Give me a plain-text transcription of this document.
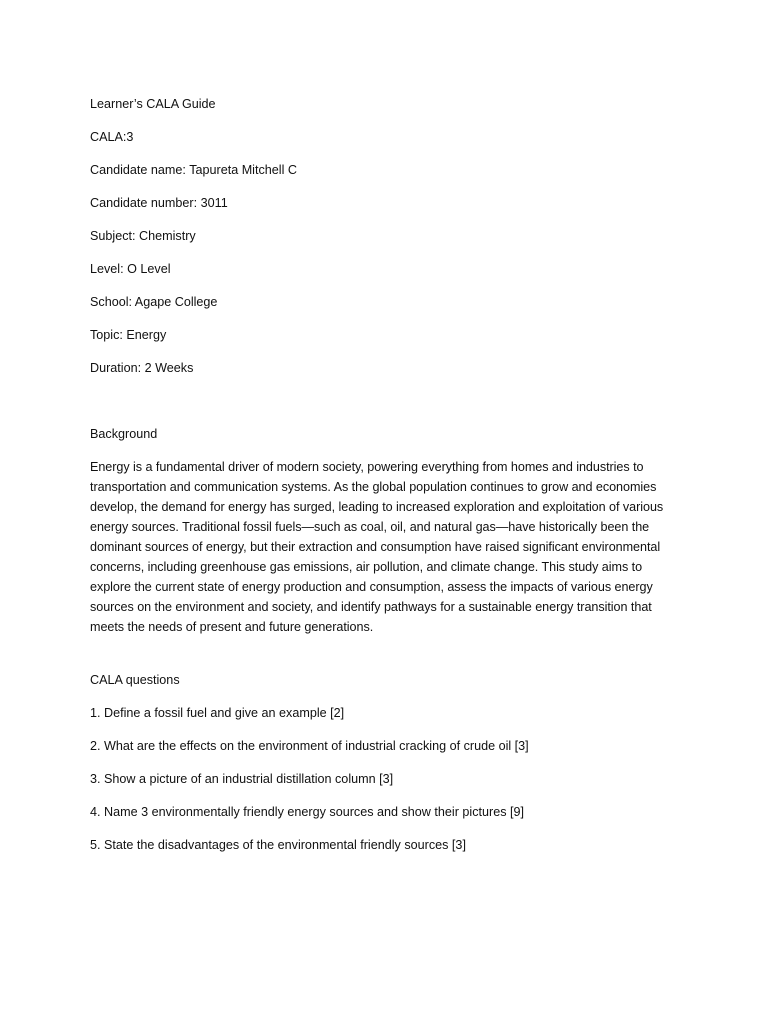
Learner’s CALA Guide
CALA:3
Candidate name: Tapureta Mitchell C
Candidate number: 3011
Subject: Chemistry
Level: O Level
School: Agape College
Topic: Energy
Duration: 2 Weeks
Background
Energy is a fundamental driver of modern society, powering everything from homes and industries to
transportation and communication systems. As the global population continues to grow and economies
develop, the demand for energy has surged, leading to increased exploration and exploitation of various
energy sources. Traditional fossil fuels—such as coal, oil, and natural gas—have historically been the
dominant sources of energy, but their extraction and consumption have raised significant environmental
concerns, including greenhouse gas emissions, air pollution, and climate change. This study aims to
explore the current state of energy production and consumption, assess the impacts of various energy
sources on the environment and society, and identify pathways for a sustainable energy transition that
meets the needs of present and future generations.
CALA questions
1. Define a fossil fuel and give an example [2]
2. What are the effects on the environment of industrial cracking of crude oil [3]
3. Show a picture of an industrial distillation column [3]
4. Name 3 environmentally friendly energy sources and show their pictures [9]
5. State the disadvantages of the environmental friendly sources [3]
